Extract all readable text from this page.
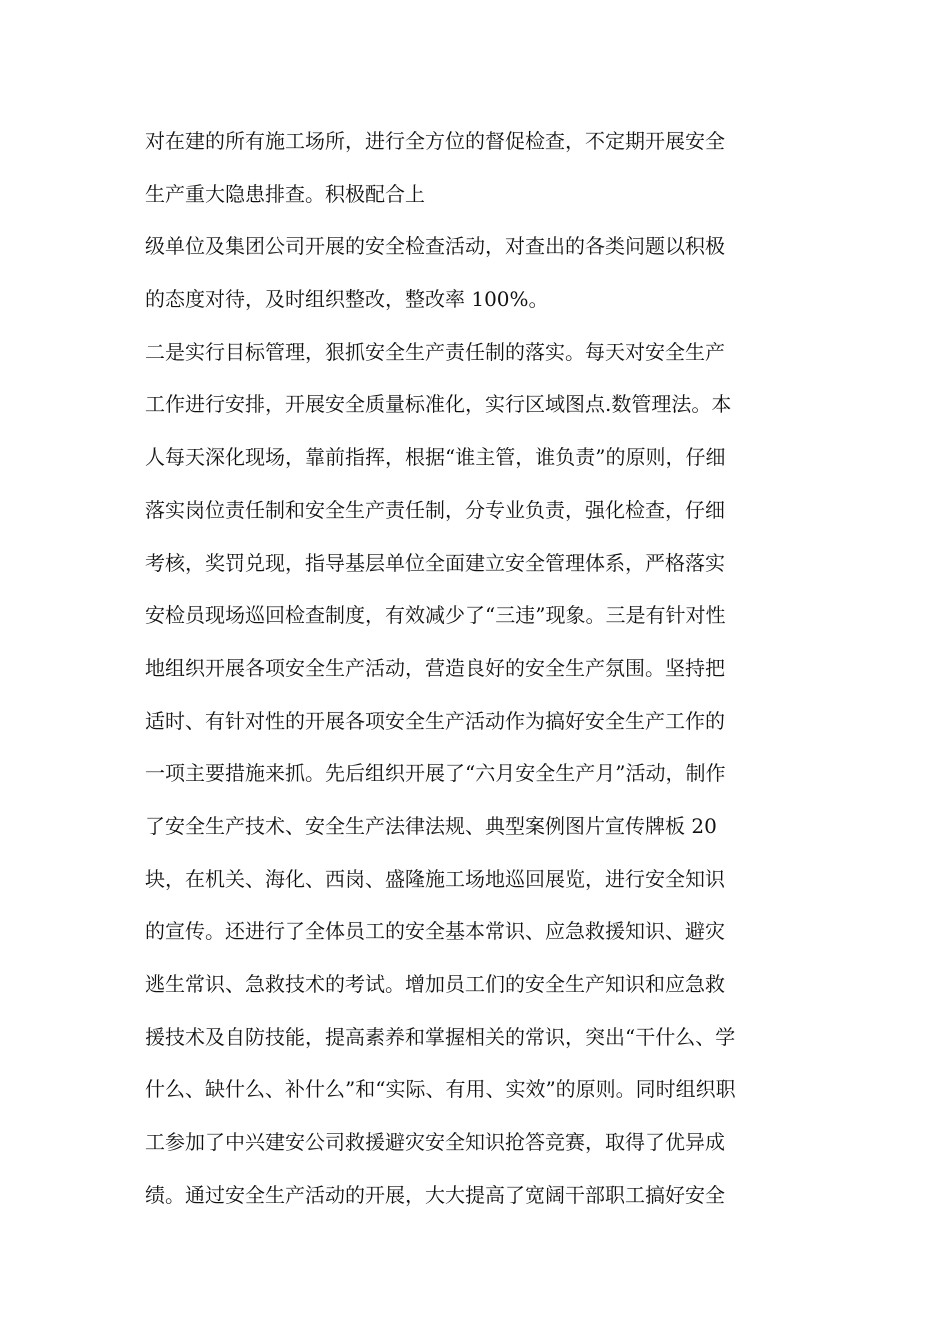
对在建的所有施工场所，进行全方位的督促检查，不定期开展安全
生产重大隐患排查。积极配合上
级单位及集团公司开展的安全检查活动，对查出的各类问题以积极
的态度对待，及时组织整改，整改率 100%。
二是实行目标管理，狠抓安全生产责任制的落实。每天对安全生产
工作进行安排，开展安全质量标准化，实行区域图点.数管理法。本
人每天深化现场，靠前指挥，根据“谁主管，谁负责”的原则，仔细
落实岗位责任制和安全生产责任制，分专业负责，强化检查，仔细
考核，奖罚兑现，指导基层单位全面建立安全管理体系，严格落实
安检员现场巡回检查制度，有效减少了“三违”现象。三是有针对性
地组织开展各项安全生产活动，营造良好的安全生产氛围。坚持把
适时、有针对性的开展各项安全生产活动作为搞好安全生产工作的
一项主要措施来抓。先后组织开展了“六月安全生产月”活动，制作
了安全生产技术、安全生产法律法规、典型案例图片宣传牌板 20
块，在机关、海化、西岗、盛隆施工场地巡回展览，进行安全知识
的宣传。还进行了全体员工的安全基本常识、应急救援知识、避灾
逃生常识、急救技术的考试。增加员工们的安全生产知识和应急救
援技术及自防技能，提高素养和掌握相关的常识，突出“干什么、学
什么、缺什么、补什么”和“实际、有用、实效”的原则。同时组织职
工参加了中兴建安公司救援避灾安全知识抢答竞赛，取得了优异成
绩。通过安全生产活动的开展，大大提高了宽阔干部职工搞好安全
